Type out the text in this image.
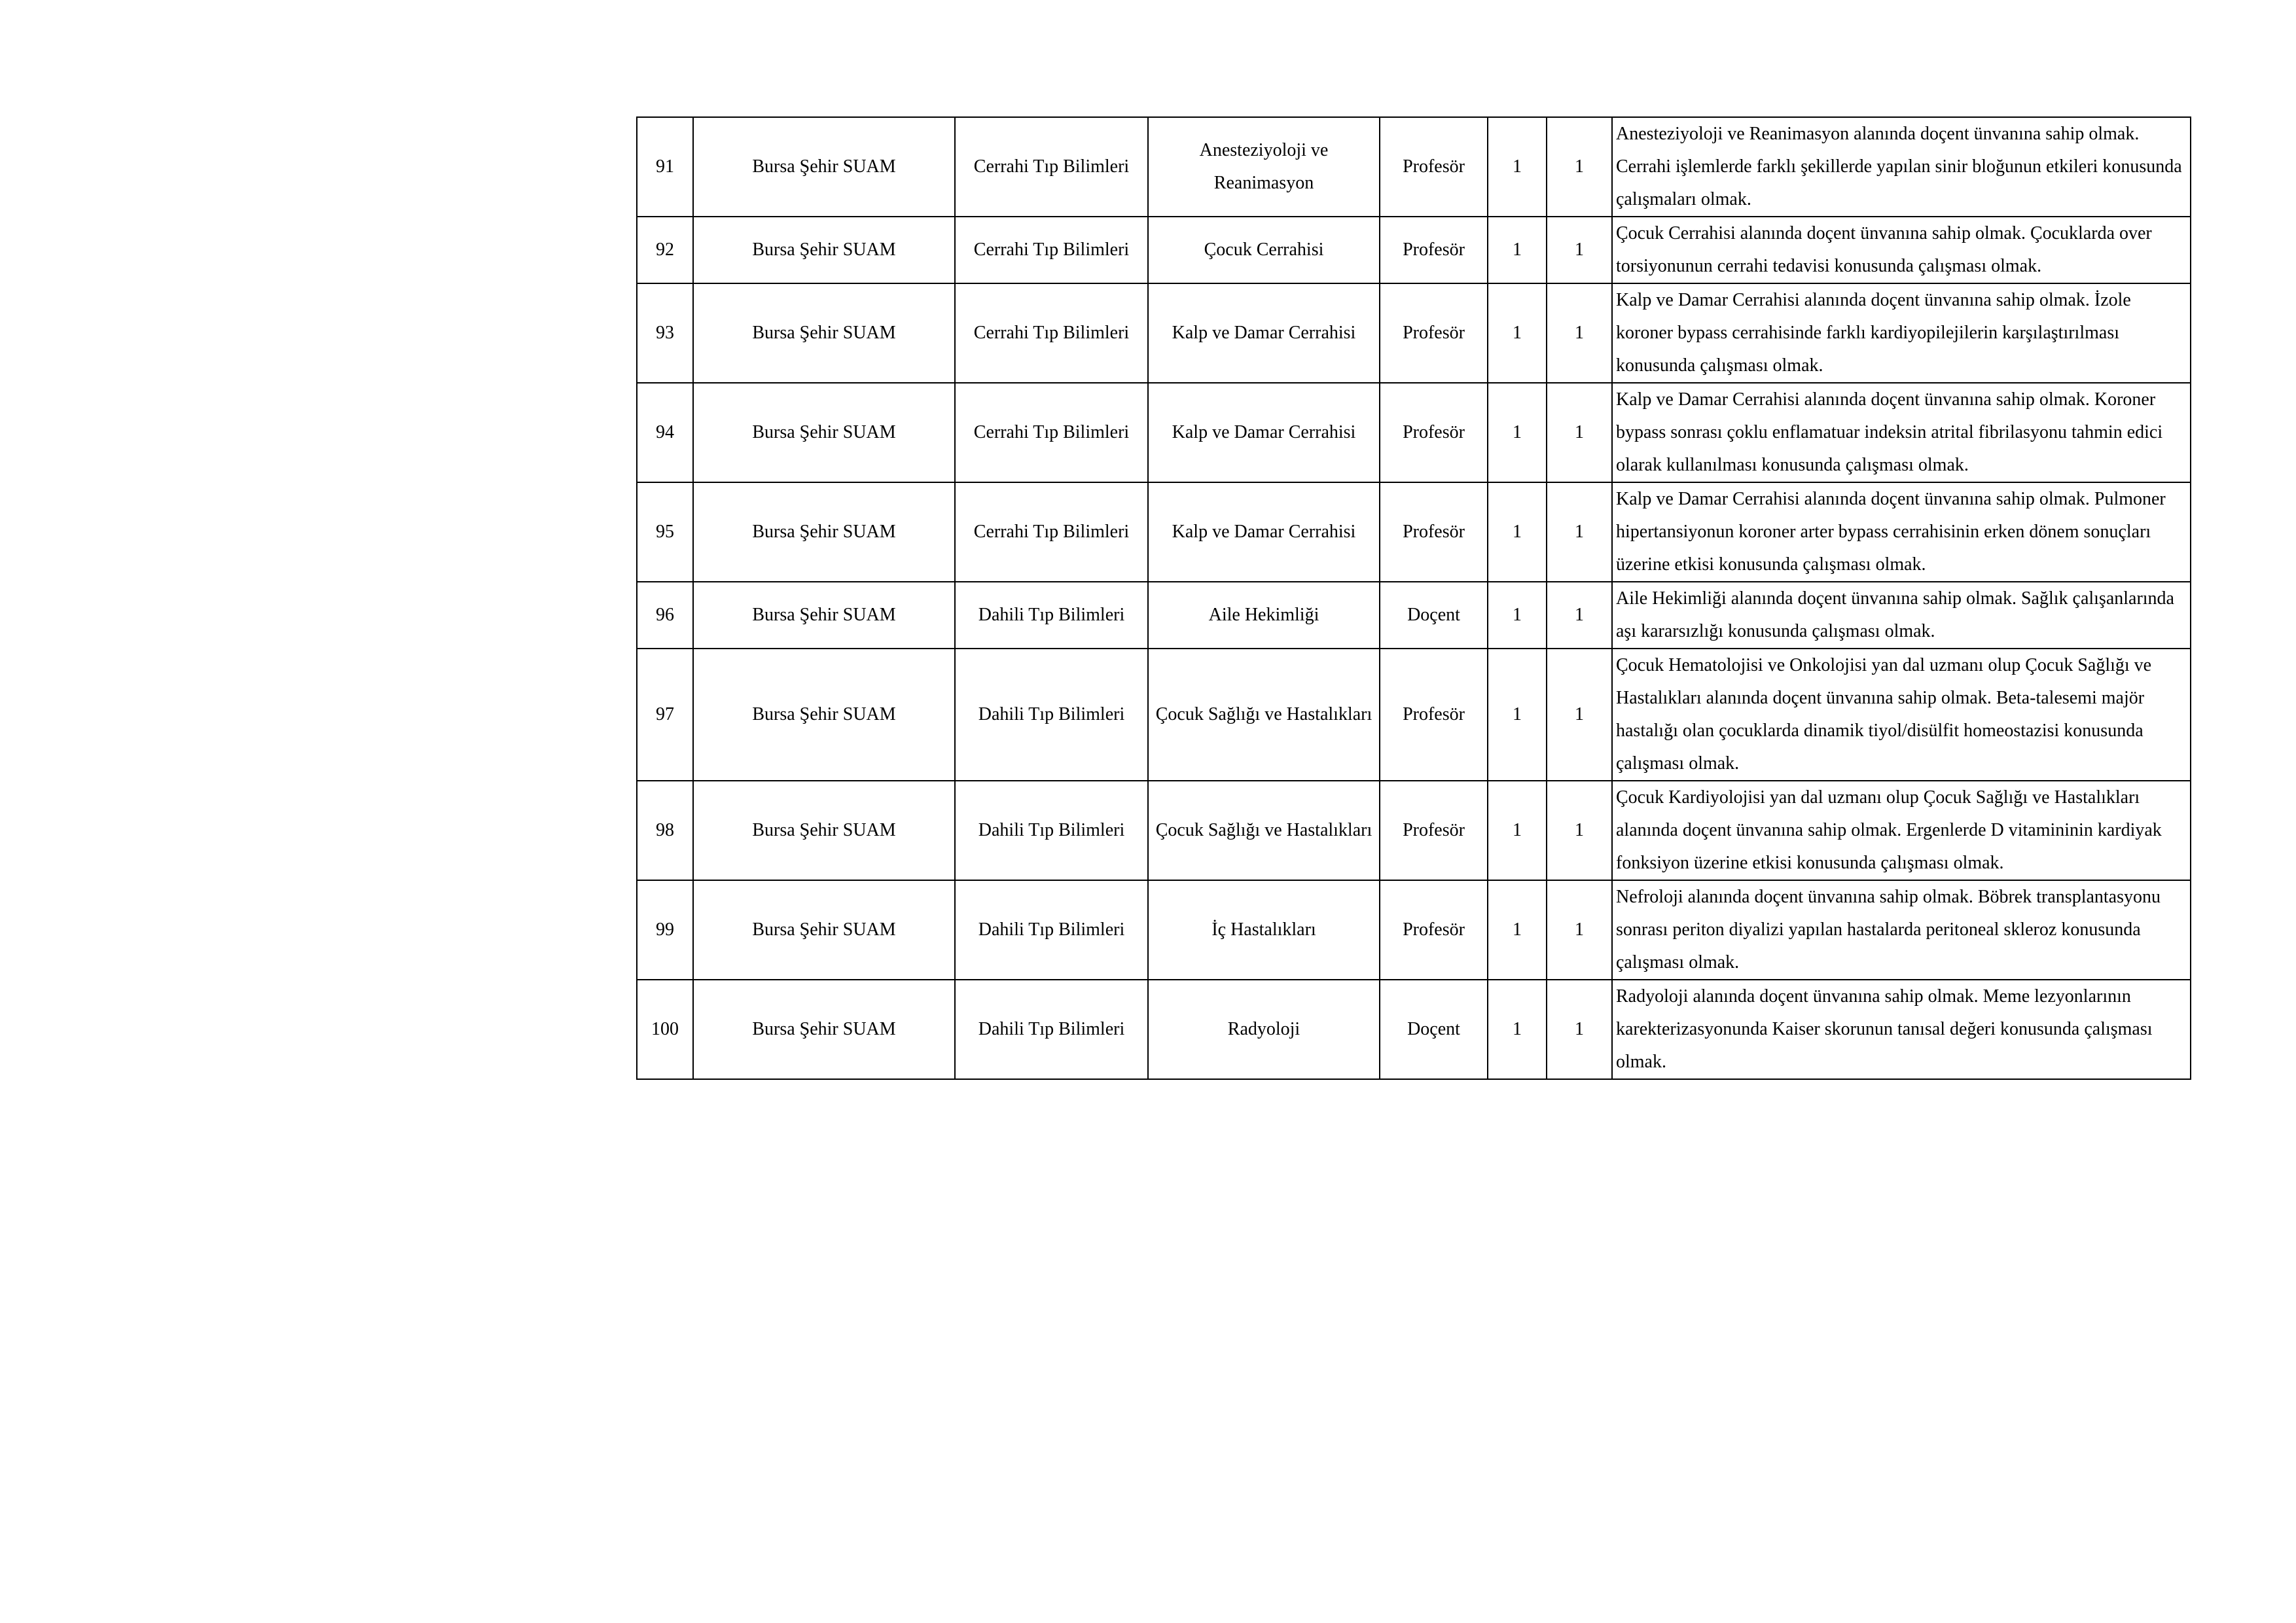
91	Bursa Şehir SUAM	Cerrahi Tıp Bilimleri	Anesteziyoloji ve Reanimasyon	Profesör	1	1	Anesteziyoloji ve Reanimasyon alanında doçent ünvanına sahip olmak. Cerrahi işlemlerde farklı şekillerde yapılan sinir bloğunun etkileri konusunda çalışmaları olmak.
92	Bursa Şehir SUAM	Cerrahi Tıp Bilimleri	Çocuk Cerrahisi	Profesör	1	1	Çocuk Cerrahisi alanında doçent ünvanına sahip olmak. Çocuklarda over torsiyonunun cerrahi tedavisi konusunda çalışması olmak.
93	Bursa Şehir SUAM	Cerrahi Tıp Bilimleri	Kalp ve Damar Cerrahisi	Profesör	1	1	Kalp ve Damar Cerrahisi alanında doçent ünvanına sahip olmak. İzole koroner bypass cerrahisinde farklı kardiyopilejilerin karşılaştırılması konusunda çalışması olmak.
94	Bursa Şehir SUAM	Cerrahi Tıp Bilimleri	Kalp ve Damar Cerrahisi	Profesör	1	1	Kalp ve Damar Cerrahisi alanında doçent ünvanına sahip olmak. Koroner bypass sonrası çoklu enflamatuar indeksin atrital fibrilasyonu tahmin edici olarak kullanılması konusunda çalışması olmak.
95	Bursa Şehir SUAM	Cerrahi Tıp Bilimleri	Kalp ve Damar Cerrahisi	Profesör	1	1	Kalp ve Damar Cerrahisi alanında doçent ünvanına sahip olmak. Pulmoner hipertansiyonun koroner arter bypass cerrahisinin erken dönem sonuçları üzerine etkisi konusunda çalışması olmak.
96	Bursa Şehir SUAM	Dahili Tıp Bilimleri	Aile Hekimliği	Doçent	1	1	Aile Hekimliği alanında doçent ünvanına sahip olmak. Sağlık çalışanlarında aşı kararsızlığı konusunda çalışması olmak.
97	Bursa Şehir SUAM	Dahili Tıp Bilimleri	Çocuk Sağlığı ve Hastalıkları	Profesör	1	1	Çocuk Hematolojisi ve Onkolojisi yan dal uzmanı olup Çocuk Sağlığı ve Hastalıkları alanında doçent ünvanına sahip olmak. Beta-talesemi majör hastalığı olan çocuklarda dinamik tiyol/disülfit homeostazisi konusunda çalışması olmak.
98	Bursa Şehir SUAM	Dahili Tıp Bilimleri	Çocuk Sağlığı ve Hastalıkları	Profesör	1	1	Çocuk Kardiyolojisi yan dal uzmanı olup Çocuk Sağlığı ve Hastalıkları alanında doçent ünvanına sahip olmak. Ergenlerde D vitamininin kardiyak fonksiyon üzerine etkisi konusunda çalışması olmak.
99	Bursa Şehir SUAM	Dahili Tıp Bilimleri	İç Hastalıkları	Profesör	1	1	Nefroloji alanında doçent ünvanına sahip olmak. Böbrek transplantasyonu sonrası periton diyalizi yapılan hastalarda peritoneal skleroz konusunda çalışması olmak.
100	Bursa Şehir SUAM	Dahili Tıp Bilimleri	Radyoloji	Doçent	1	1	Radyoloji alanında doçent ünvanına sahip olmak. Meme lezyonlarının karekterizasyonunda Kaiser skorunun tanısal değeri konusunda çalışması olmak.
